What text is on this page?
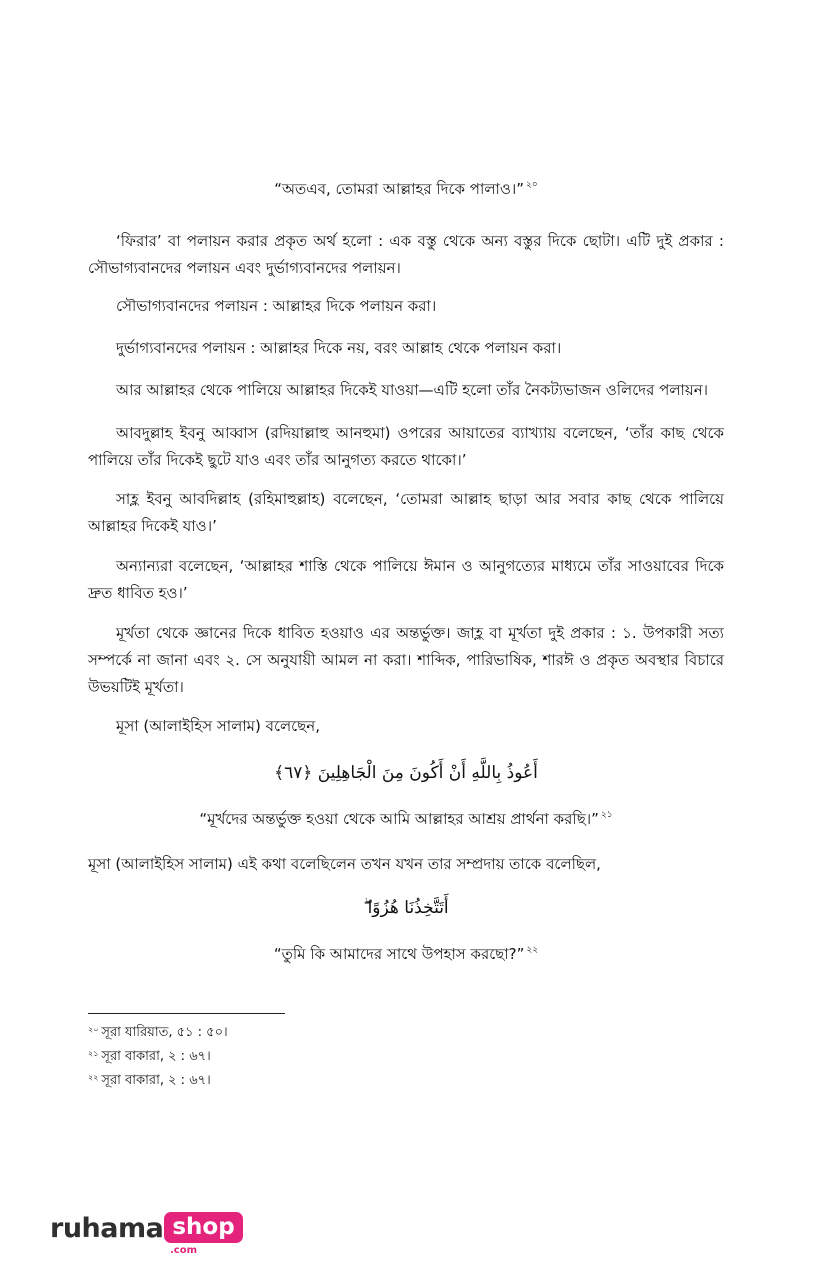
“অতএব, তোমরা আল্লাহর দিকে পালাও।” $^{২০}$
‘ফিরার’ বা পলায়ন করার প্রকৃত অর্থ হলো : এক বস্তু থেকে অন্য বস্তুর দিকে ছোটা। এটি দুই প্রকার : সৌভাগ্যবানদের পলায়ন এবং দুর্ভাগ্যবানদের পলায়ন।
সৌভাগ্যবানদের পলায়ন : আল্লাহর দিকে পলায়ন করা।
দুর্ভাগ্যবানদের পলায়ন : আল্লাহর দিকে নয়, বরং আল্লাহ থেকে পলায়ন করা।
আর আল্লাহর থেকে পালিয়ে আল্লাহর দিকেই যাওয়া—এটি হলো তাঁর নৈকট্যভাজন ওলিদের পলায়ন।
আবদুল্লাহ ইবনু আব্বাস (রদিয়াল্লাহু আনহুমা) ওপরের আয়াতের ব্যাখ্যায় বলেছেন, ‘তাঁর কাছ থেকে পালিয়ে তাঁর দিকেই ছুটে যাও এবং তাঁর আনুগত্য করতে থাকো।’
সাহ্ল ইবনু আবদিল্লাহ (রহিমাহুল্লাহ) বলেছেন, ‘তোমরা আল্লাহ ছাড়া আর সবার কাছ থেকে পালিয়ে আল্লাহর দিকেই যাও।’
অন্যান্যরা বলেছেন, ‘আল্লাহর শাস্তি থেকে পালিয়ে ঈমান ও আনুগত্যের মাধ্যমে তাঁর সাওয়াবের দিকে দ্রুত ধাবিত হও।’
মূর্খতা থেকে জ্ঞানের দিকে ধাবিত হওয়াও এর অন্তর্ভুক্ত। জাহ্ল বা মূর্খতা দুই প্রকার : ১. উপকারী সত্য সম্পর্কে না জানা এবং ২. সে অনুযায়ী আমল না করা। শাব্দিক, পারিভাষিক, শারঈ ও প্রকৃত অবস্থার বিচারে উভয়টিই মূর্খতা।
মূসা (আলাইহিস সালাম) বলেছেন,
أَعُوذُ بِاللَّهِ أَنْ أَكُونَ مِنَ الْجَاهِلِينَ ﴿٦٧﴾
“মূর্খদের অন্তর্ভুক্ত হওয়া থেকে আমি আল্লাহর আশ্রয় প্রার্থনা করছি।” $^{২১}$
মূসা (আলাইহিস সালাম) এই কথা বলেছিলেন তখন যখন তার সম্প্রদায় তাকে বলেছিল,
أَتَتَّخِذُنَا هُزُوًا ۖ
“তুমি কি আমাদের সাথে উপহাস করছো?” $^{২২}$
$^{২০}$ সূরা যারিয়াত, ৫১ : ৫০।
$^{২১}$ সূরা বাকারা, ২ : ৬৭।
$^{২২}$ সূরা বাকারা, ২ : ৬৭।
ruhama shop
.com
